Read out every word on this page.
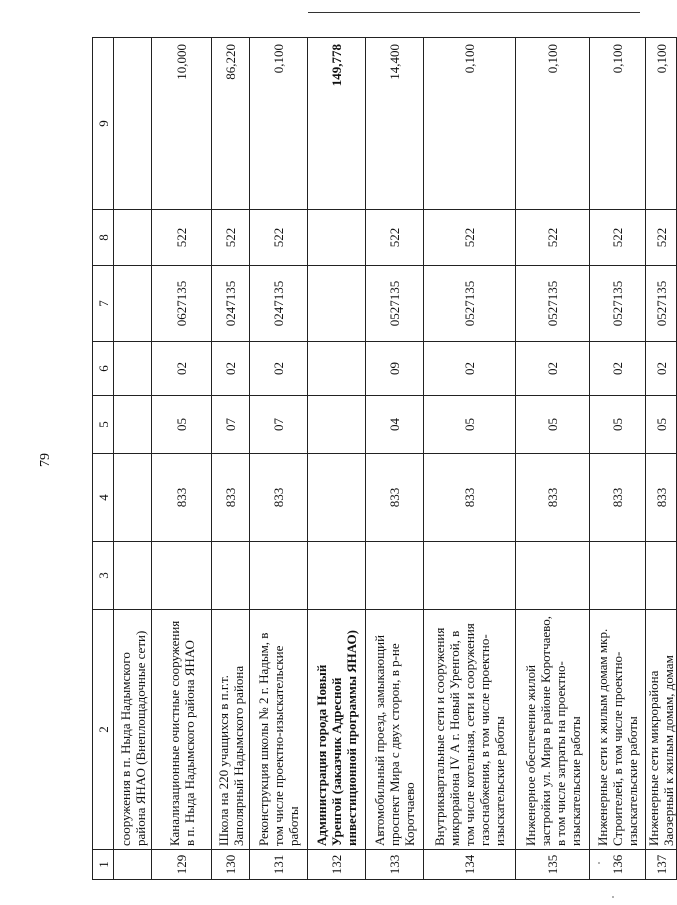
79
1	2	3	4	5	6	7	8	9
	сооружения в п. Ныда Надымского района ЯНАО (Внеплощадочные сети)							
129	Канализационные очистные сооружения в п. Ныда Надымского района ЯНАО		833	05	02	0627135	522	10,000
130	Школа на 220 учащихся в п.г.т. Заполярный Надымского района		833	07	02	0247135	522	86,220
131	Реконструкция школы № 2 г. Надым, в том числе проектно-изыскательские работы		833	07	02	0247135	522	0,100
132	Администрация города Новый Уренгой (заказчик Адресной инвестиционной программы ЯНАО)							149,778
133	Автомобильный проезд, замыкающий проспект Мира с двух сторон, в р-не Коротчаево		833	04	09	0527135	522	14,400
134	Внутриквартальные сети и сооружения микрорайона IV А г. Новый Уренгой, в том числе котельная, сети и сооружения газоснабжения, в том числе проектно-изыскательские работы		833	05	02	0527135	522	0,100
135	Инженерное обеспечение жилой застройки ул. Мира в районе Коротчаево, в том числе затраты на проектно-изыскательские работы		833	05	02	0527135	522	0,100
136	Инженерные сети к жилым домам мкр. Строителей, в том числе проектно-изыскательские работы		833	05	02	0527135	522	0,100
137	Инженерные сети микрорайона Заозерный к жилым домам, домам		833	05	02	0527135	522	0,100
